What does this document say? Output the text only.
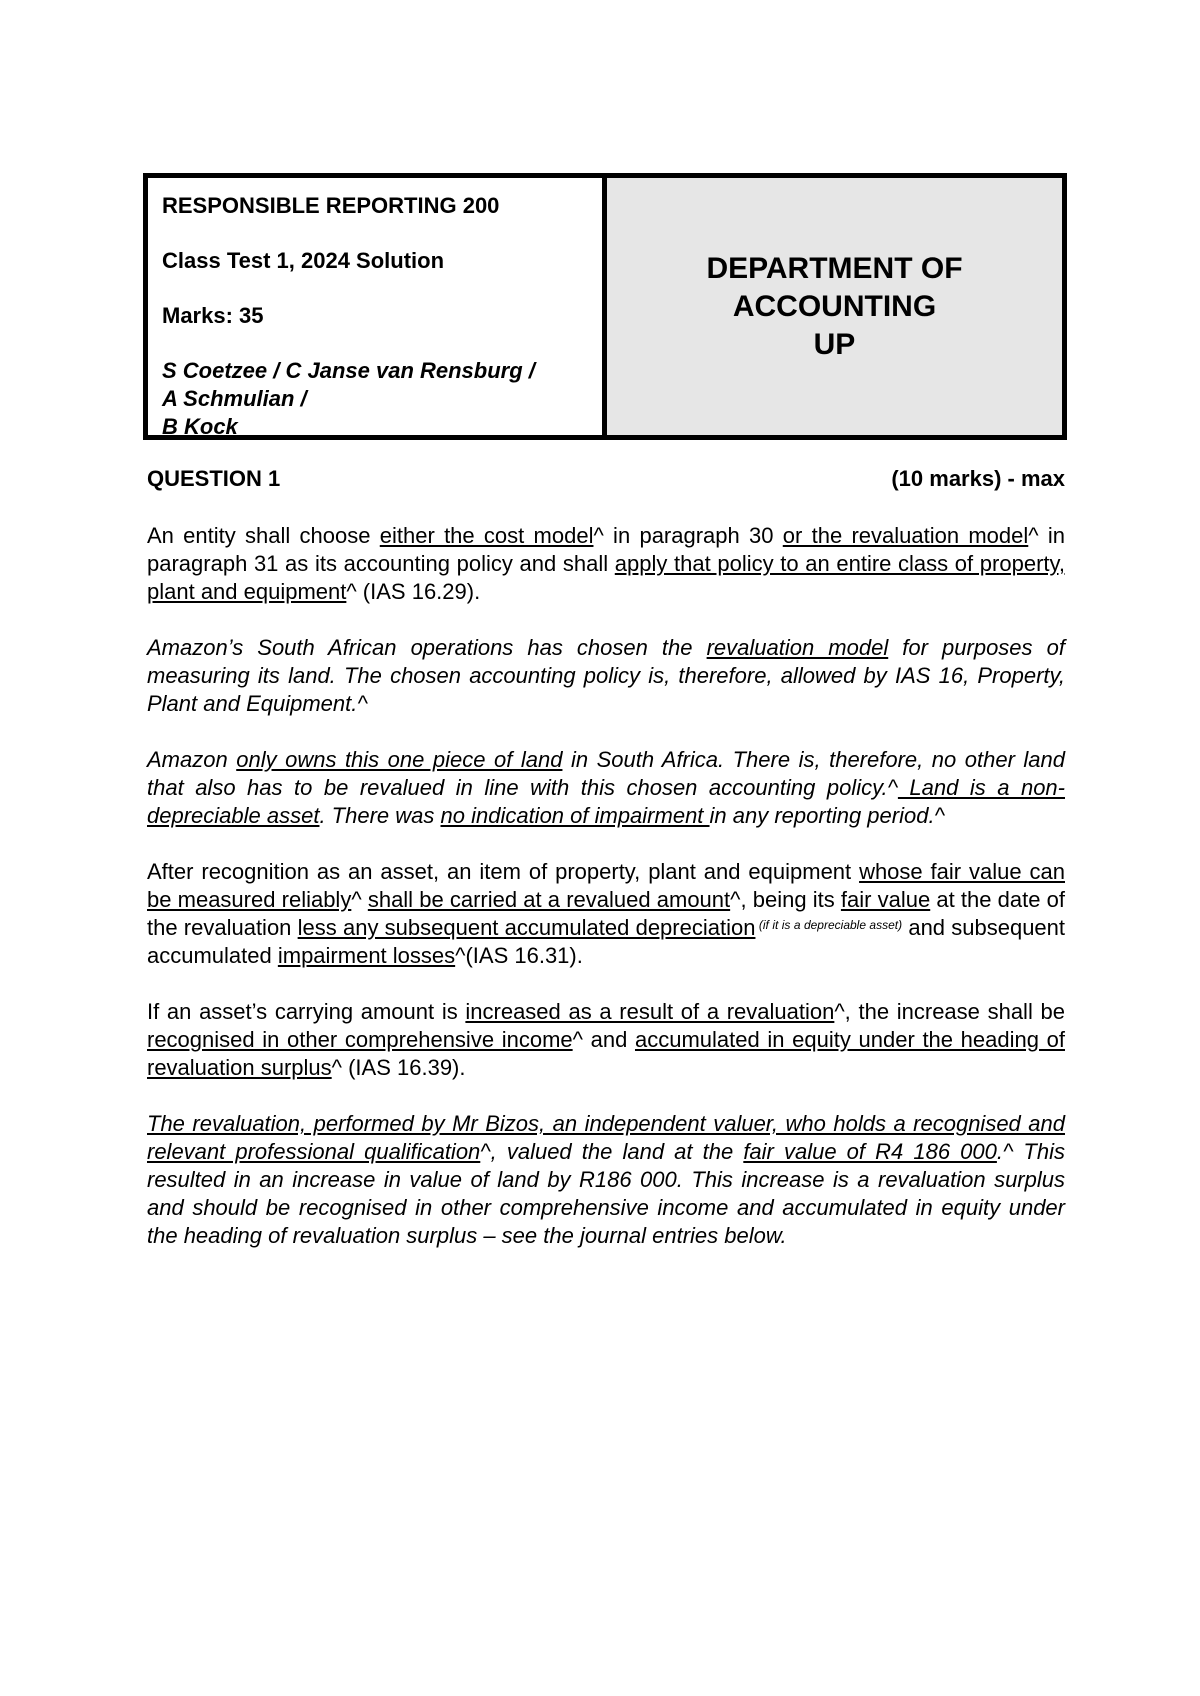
RESPONSIBLE REPORTING 200
Class Test 1, 2024 Solution
Marks: 35
S Coetzee / C Janse van Rensburg /
A Schmulian /
B Kock
DEPARTMENT OF
ACCOUNTING
UP
QUESTION 1	(10 marks) - max

An entity shall choose either the cost model^ in paragraph 30 or the revaluation model^ in paragraph 31 as its accounting policy and shall apply that policy to an entire class of property, plant and equipment^ (IAS 16.29).

Amazon’s South African operations has chosen the revaluation model for purposes of measuring its land. The chosen accounting policy is, therefore, allowed by IAS 16, Property, Plant and Equipment.^

Amazon only owns this one piece of land in South Africa. There is, therefore, no other land that also has to be revalued in line with this chosen accounting policy.^ Land is a non-depreciable asset. There was no indication of impairment in any reporting period.^

After recognition as an asset, an item of property, plant and equipment whose fair value can be measured reliably^ shall be carried at a revalued amount^, being its fair value at the date of the revaluation less any subsequent accumulated depreciation $^{(if it is a depreciable asset)}$ and subsequent accumulated impairment losses^(IAS 16.31).

If an asset’s carrying amount is increased as a result of a revaluation^, the increase shall be recognised in other comprehensive income^ and accumulated in equity under the heading of revaluation surplus^ (IAS 16.39).

The revaluation, performed by Mr Bizos, an independent valuer, who holds a recognised and relevant professional qualification^, valued the land at the fair value of R4 186 000.^ This resulted in an increase in value of land by R186 000. This increase is a revaluation surplus and should be recognised in other comprehensive income and accumulated in equity under the heading of revaluation surplus – see the journal entries below.
